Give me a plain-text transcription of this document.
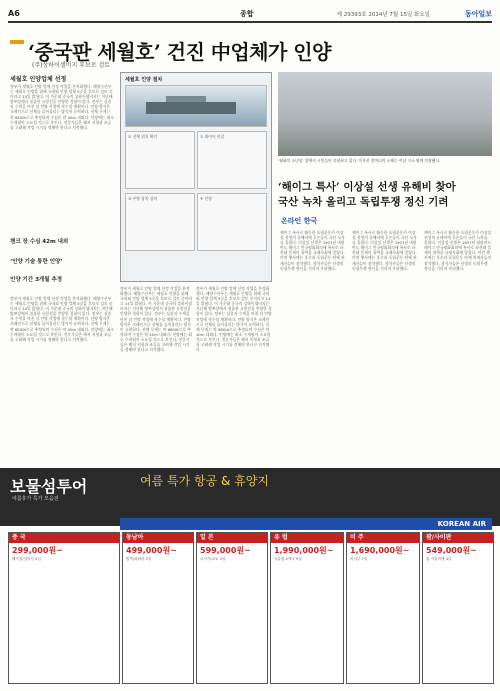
A6	종합	제 29393호 2014년 7월 15일 화요일	동아일보
‘중국판 세월호’ 건진 中업체가 인양
(주)상하이샐비지 후보로 검토
세월호 인양업체 선정
정부가 세월호 인양 업체 선정 작업을 본격화했다. 해양수산부는 세월호 인양을 위해 국내외 인양 업체 5곳을 후보로 검토 중이라고 14일 밝혔다. 이 가운데 중국의 상하이샐비지는 지난해 양쯔강에서 침몰한 유람선을 인양한 경험이 있다. 정부는 실종자 수색을 마친 뒤 인양 작업에 착수할 계획이다. 인양 방식은 크레인으로 선체를 들어올리는 방식이 유력하다. 선체 무게는 약 6800t으로 추정되며 수심은 약 40m 내외다. 인양에는 최소 수개월이 소요될 것으로 보인다. 전문가들은 해저 지형과 조류를 고려해 작업 시기를 정해야 한다고 지적했다.
챈크 장 수심 42m 내외
‘인양 기술 통한 인양’
인양 기간 3개월 추정
정부가 세월호 인양 업체 선정 작업을 본격화했다. 해양수산부는 세월호 인양을 위해 국내외 인양 업체 5곳을 후보로 검토 중이라고 14일 밝혔다. 이 가운데 중국의 상하이샐비지는 지난해 양쯔강에서 침몰한 유람선을 인양한 경험이 있다. 정부는 실종자 수색을 마친 뒤 인양 작업에 착수할 계획이다. 인양 방식은 크레인으로 선체를 들어올리는 방식이 유력하다. 선체 무게는 약 6800t으로 추정되며 수심은 약 40m 내외다. 인양에는 최소 수개월이 소요될 것으로 보인다. 전문가들은 해저 지형과 조류를 고려해 작업 시기를 정해야 한다고 지적했다.
세월호 인양 절차
① 선체 위치 확인	② 와이어 연결
③ 부양 장치 설치	④ 인양
정부가 세월호 인양 업체 선정 작업을 본격화했다. 해양수산부는 세월호 인양을 위해 국내외 인양 업체 5곳을 후보로 검토 중이라고 14일 밝혔다. 이 가운데 중국의 상하이샐비지는 지난해 양쯔강에서 침몰한 유람선을 인양한 경험이 있다. 정부는 실종자 수색을 마친 뒤 인양 작업에 착수할 계획이다. 인양 방식은 크레인으로 선체를 들어올리는 방식이 유력하다. 선체 무게는 약 6800t으로 추정되며 수심은 약 40m 내외다. 인양에는 최소 수개월이 소요될 것으로 보인다. 전문가들은 해저 지형과 조류를 고려해 작업 시기를 정해야 한다고 지적했다.
정부가 세월호 인양 업체 선정 작업을 본격화했다. 해양수산부는 세월호 인양을 위해 국내외 인양 업체 5곳을 후보로 검토 중이라고 14일 밝혔다. 이 가운데 중국의 상하이샐비지는 지난해 양쯔강에서 침몰한 유람선을 인양한 경험이 있다. 정부는 실종자 수색을 마친 뒤 인양 작업에 착수할 계획이다. 인양 방식은 크레인으로 선체를 들어올리는 방식이 유력하다. 선체 무게는 약 6800t으로 추정되며 수심은 약 40m 내외다. 인양에는 최소 수개월이 소요될 것으로 보인다. 전문가들은 해저 지형과 조류를 고려해 작업 시기를 정해야 한다고 지적했다.
‘평화의 소녀상’ 앞에서 시민들이 묵념하고 있다. 이옥선 할머니의 유해는 이날 고국 땅에 안장됐다.
‘해이그 특사’ 이상설 선생 유해비 찾아
국산 녹차 올리고 독립투쟁 정신 기려
온라인 한국
헤이그 특사로 활동한 독립운동가 이상설 선생의 유해비에 후손들이 국산 녹차를 올렸다. 이상설 선생은 1907년 네덜란드 헤이그 만국평화회의에 특사로 파견돼 일제의 침략을 국제사회에 알렸다. 이번 행사에는 후손과 독립운동 단체 관계자들이 참석했다. 참석자들은 선생의 독립투쟁 정신을 기리며 묵념했다.
헤이그 특사로 활동한 독립운동가 이상설 선생의 유해비에 후손들이 국산 녹차를 올렸다. 이상설 선생은 1907년 네덜란드 헤이그 만국평화회의에 특사로 파견돼 일제의 침략을 국제사회에 알렸다. 이번 행사에는 후손과 독립운동 단체 관계자들이 참석했다. 참석자들은 선생의 독립투쟁 정신을 기리며 묵념했다.
헤이그 특사로 활동한 독립운동가 이상설 선생의 유해비에 후손들이 국산 녹차를 올렸다. 이상설 선생은 1907년 네덜란드 헤이그 만국평화회의에 특사로 파견돼 일제의 침략을 국제사회에 알렸다. 이번 행사에는 후손과 독립운동 단체 관계자들이 참석했다. 참석자들은 선생의 독립투쟁 정신을 기리며 묵념했다.
보물섬투어
여름휴가 특가 모음전
여름 특가 항공 & 휴양지
KOREAN AIR
중 국
299,000원~
베이징/상하이 4일
동남아
499,000원~
방콕/파타야 5일
일 본
599,000원~
오사카/교토 3일
유 럽
1,990,000원~
서유럽 4개국 9일
미 주
1,690,000원~
미서부 7일
괌/사이판
549,000원~
괌 자유여행 4일
